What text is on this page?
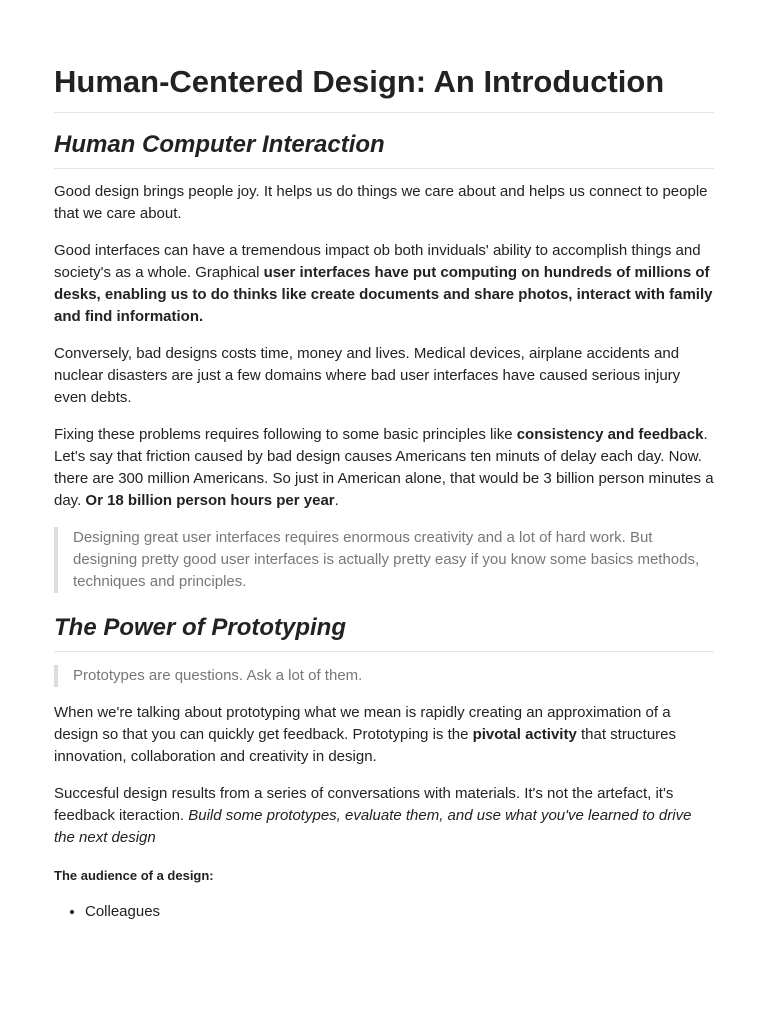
Human-Centered Design: An Introduction
Human Computer Interaction

Good design brings people joy. It helps us do things we care about and helps us connect to people that we care about.

Good interfaces can have a tremendous impact ob both inviduals' ability to accomplish things and society's as a whole. Graphical user interfaces have put computing on hundreds of millions of desks, enabling us to do thinks like create documents and share photos, interact with family and find information.

Conversely, bad designs costs time, money and lives. Medical devices, airplane accidents and nuclear disasters are just a few domains where bad user interfaces have caused serious injury even debts.

Fixing these problems requires following to some basic principles like consistency and feedback. Let's say that friction caused by bad design causes Americans ten minuts of delay each day. Now. there are 300 million Americans. So just in American alone, that would be 3 billion person minutes a day. Or 18 billion person hours per year.

Designing great user interfaces requires enormous creativity and a lot of hard work. But designing pretty good user interfaces is actually pretty easy if you know some basics methods, techniques and principles.
The Power of Prototyping
Prototypes are questions. Ask a lot of them.

When we're talking about prototyping what we mean is rapidly creating an approximation of a design so that you can quickly get feedback. Prototyping is the pivotal activity that structures innovation, collaboration and creativity in design.

Succesful design results from a series of conversations with materials. It's not the artefact, it's feedback iteraction. Build some prototypes, evaluate them, and use what you've learned to drive the next design

The audience of a design:
• Colleagues
